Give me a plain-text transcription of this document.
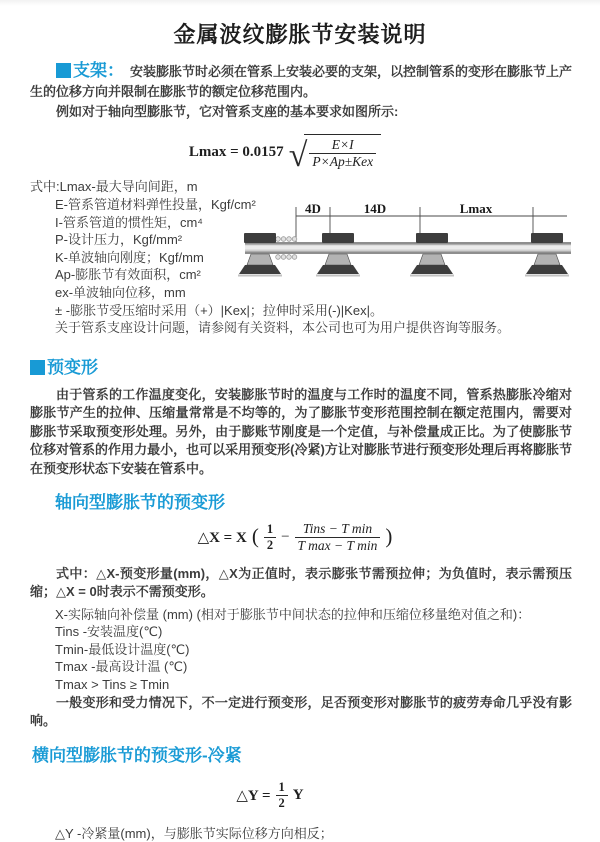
金属波纹膨胀节安装说明

支架： 安装膨胀节时必须在管系上安装必要的支架，以控制管系的变形在膨胀节上产生的位移方向并限制在膨胀节的额定位移范围内。

例如对于轴向型膨胀节，它对管系支座的基本要求如图所示:

Lmax = 0.0157 √ $\frac{E\times I}{\text{P×Ap±Kex}}$
式中:Lmax-最大导向间距，m
E-管系管道材料弹性投量，Kgf/cm²
I-管系管道的惯性矩，cm⁴
P-设计压力，Kgf/mm²
K-单波轴向刚度；Kgf/mm
Ap-膨胀节有效面积，cm²
ex-单波轴向位移，mm
± -膨胀节受压缩时采用（+）|Kex|；拉伸时采用(-)|Kex|。
关于管系支座设计问题，请参阅有关资料，本公司也可为用户提供咨询等服务。
4D	14D	Lmax
预变形

由于管系的工作温度变化，安装膨胀节时的温度与工作时的温度不同，管系热膨胀冷缩对膨胀节产生的拉伸、压缩量常常是不均等的，为了膨胀节变形范围控制在额定范围内，需要对膨胀节采取预变形处理。另外，由于膨账节刚度是一个定值，与补偿量成正比。为了使膨胀节位移对管系的作用力最小，也可以采用预变形(冷紧)方让对膨胀节进行预变形处理后再将膨胀节在预变形状态下安装在管系中。

轴向型膨胀节的预变形
△X = X ( $\frac{1}{2} - \frac{\text{Tins − T min}}{\text{T max − T min}}$ )

式中：△X-预变形量(mm)，△X为正值时，表示膨张节需预拉伸；为负值时，表示需预压缩；△X = 0时表示不需预变形。

X-实际轴向补偿量 (mm) (相对于膨胀节中间状态的拉伸和压缩位移量绝对值之和)：
Tins -安装温度(℃)
Tmin-最低设计温度(℃)
Tmax -最高设计温 (℃)
Tmax > Tins ≥ Tmin

一般变形和受力情况下，不一定进行预变形，足否预变形对膨胀节的疲劳寿命几乎没有影响。

横向型膨胀节的预变形-冷紧
△Y = $\frac{1}{2}$ Y
△Y -冷紧量(mm)，与膨胀节实际位移方向相反；
